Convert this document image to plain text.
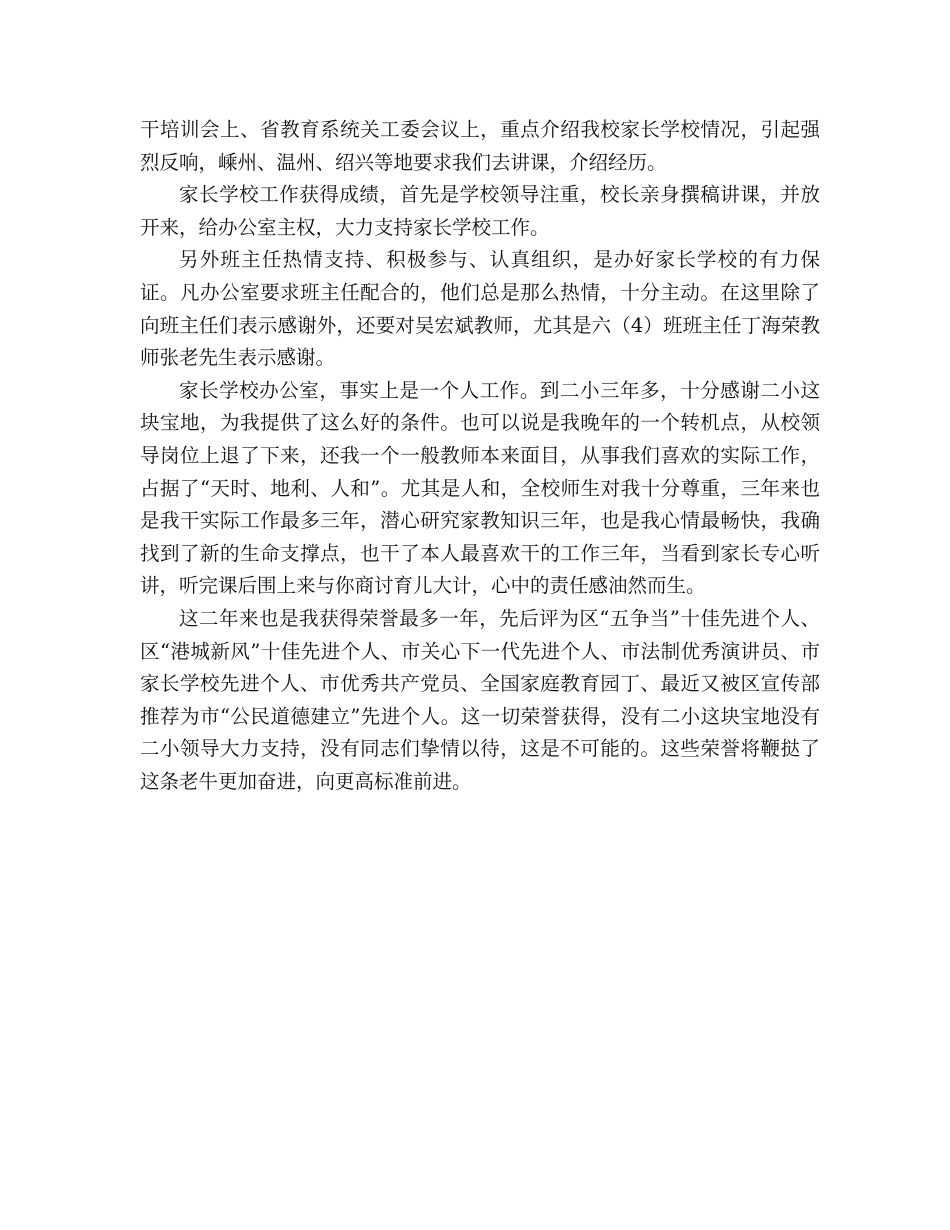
干培训会上、省教育系统关工委会议上，重点介绍我校家长学校情况，引起强烈反响，嵊州、温州、绍兴等地要求我们去讲课，介绍经历。

家长学校工作获得成绩，首先是学校领导注重，校长亲身撰稿讲课，并放开来，给办公室主权，大力支持家长学校工作。

另外班主任热情支持、积极参与、认真组织，是办好家长学校的有力保证。凡办公室要求班主任配合的，他们总是那么热情，十分主动。在这里除了向班主任们表示感谢外，还要对吴宏斌教师，尤其是六（4）班班主任丁海荣教师张老先生表示感谢。

家长学校办公室，事实上是一个人工作。到二小三年多，十分感谢二小这块宝地，为我提供了这么好的条件。也可以说是我晚年的一个转机点，从校领导岗位上退了下来，还我一个一般教师本来面目，从事我们喜欢的实际工作，占据了“天时、地利、人和”。尤其是人和，全校师生对我十分尊重，三年来也是我干实际工作最多三年，潜心研究家教知识三年，也是我心情最畅快，我确找到了新的生命支撑点，也干了本人最喜欢干的工作三年，当看到家长专心听讲，听完课后围上来与你商讨育儿大计，心中的责任感油然而生。

这二年来也是我获得荣誉最多一年，先后评为区“五争当”十佳先进个人、区“港城新风”十佳先进个人、市关心下一代先进个人、市法制优秀演讲员、市家长学校先进个人、市优秀共产党员、全国家庭教育园丁、最近又被区宣传部推荐为市“公民道德建立”先进个人。这一切荣誉获得，没有二小这块宝地没有二小领导大力支持，没有同志们挚情以待，这是不可能的。这些荣誉将鞭挞了这条老牛更加奋进，向更高标准前进。
